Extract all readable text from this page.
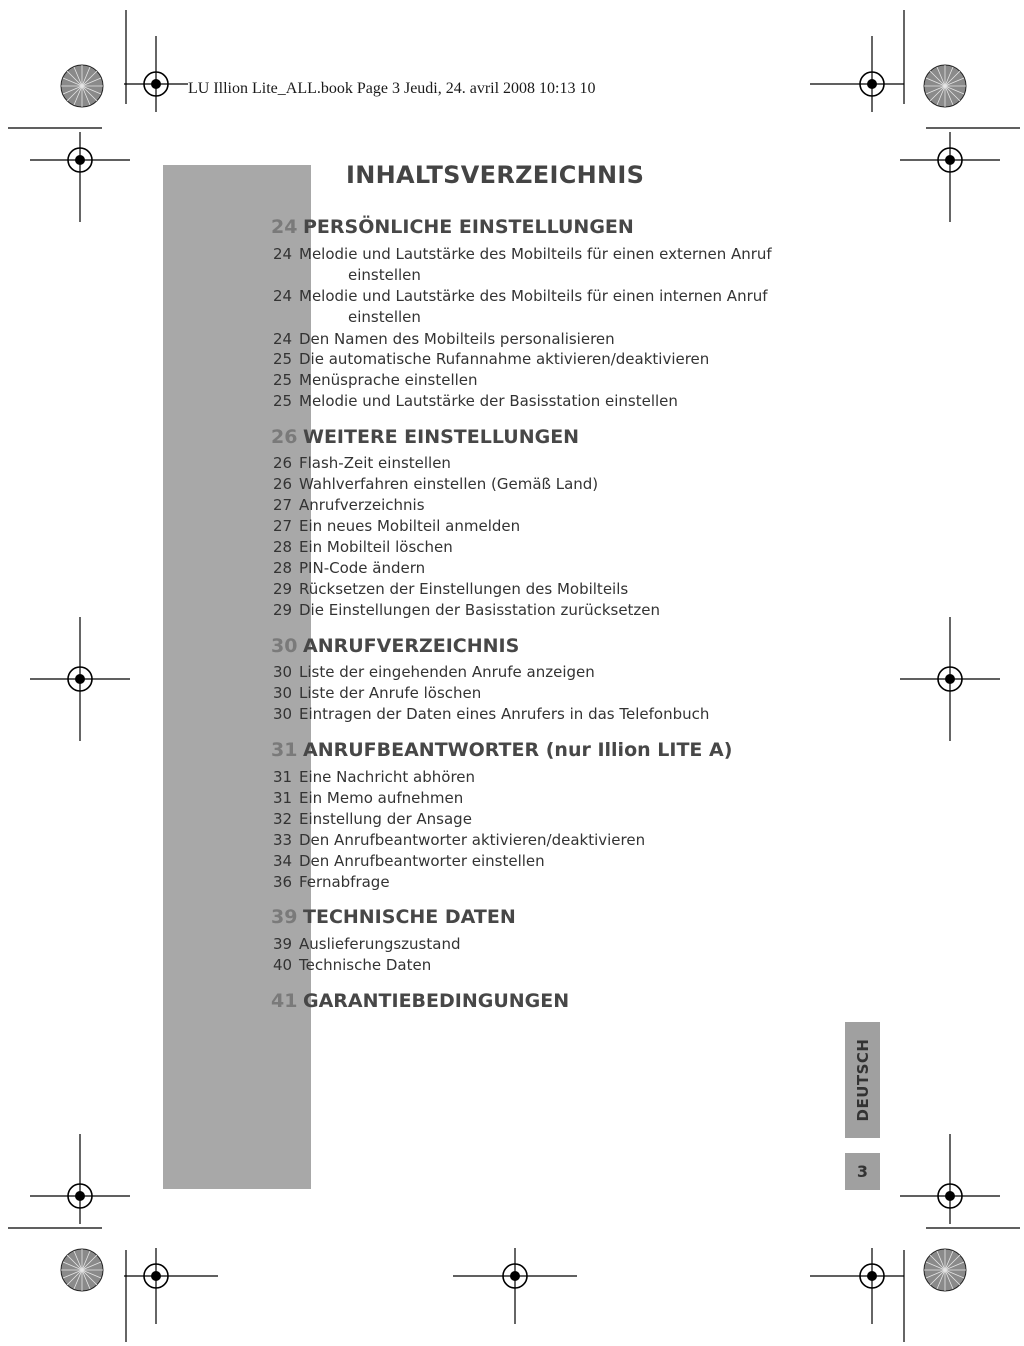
LU Illion Lite_ALL.book Page 3 Jeudi, 24. avril 2008 10:13 10
INHALTSVERZEICHNIS
24 PERSÖNLICHE EINSTELLUNGEN
24 Melodie und Lautstärke des Mobilteils für einen externen Anruf
einstellen
24 Melodie und Lautstärke des Mobilteils für einen internen Anruf
einstellen
24 Den Namen des Mobilteils personalisieren
25 Die automatische Rufannahme aktivieren/deaktivieren
25 Menüsprache einstellen
25 Melodie und Lautstärke der Basisstation einstellen
26 WEITERE EINSTELLUNGEN
26 Flash-Zeit einstellen
26 Wahlverfahren einstellen (Gemäß Land)
27 Anrufverzeichnis
27 Ein neues Mobilteil anmelden
28 Ein Mobilteil löschen
28 PIN-Code ändern
29 Rücksetzen der Einstellungen des Mobilteils
29 Die Einstellungen der Basisstation zurücksetzen
30 ANRUFVERZEICHNIS
30 Liste der eingehenden Anrufe anzeigen
30 Liste der Anrufe löschen
30 Eintragen der Daten eines Anrufers in das Telefonbuch
31 ANRUFBEANTWORTER (nur Illion LITE A)
31 Eine Nachricht abhören
31 Ein Memo aufnehmen
32 Einstellung der Ansage
33 Den Anrufbeantworter aktivieren/deaktivieren
34 Den Anrufbeantworter einstellen
36 Fernabfrage
39 TECHNISCHE DATEN
39 Auslieferungszustand
40 Technische Daten
41 GARANTIEBEDINGUNGEN
DEUTSCH
3
